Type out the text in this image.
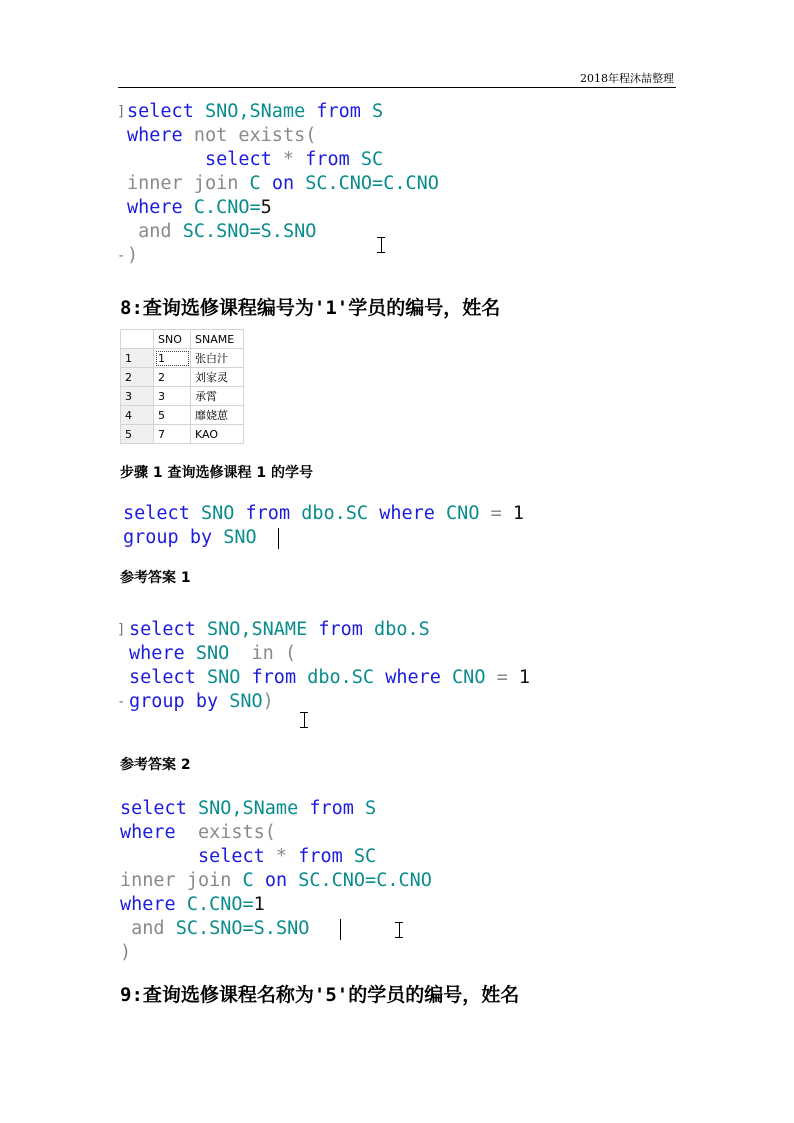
2018年程沐喆整理
]
-
select SNO,SName from S
where not exists(
select * from SC
inner join C on SC.CNO=C.CNO
where C.CNO=5
and SC.SNO=S.SNO
)
8:查询选修课程编号为'1'学员的编号，姓名
	SNO	SNAME
1	1	张白汁
2	2	刘家灵
3	3	承霄
4	5	靡娆葸
5	7	KAO
步骤 1 查询选修课程 1 的学号
select SNO from dbo.SC where CNO = 1
group by SNO
参考答案 1
]
-
select SNO,SNAME from dbo.S
where SNO  in (
select SNO from dbo.SC where CNO = 1
group by SNO)
参考答案 2
select SNO,SName from S
where  exists(
select * from SC
inner join C on SC.CNO=C.CNO
where C.CNO=1
and SC.SNO=S.SNO
)
9:查询选修课程名称为'5'的学员的编号，姓名
